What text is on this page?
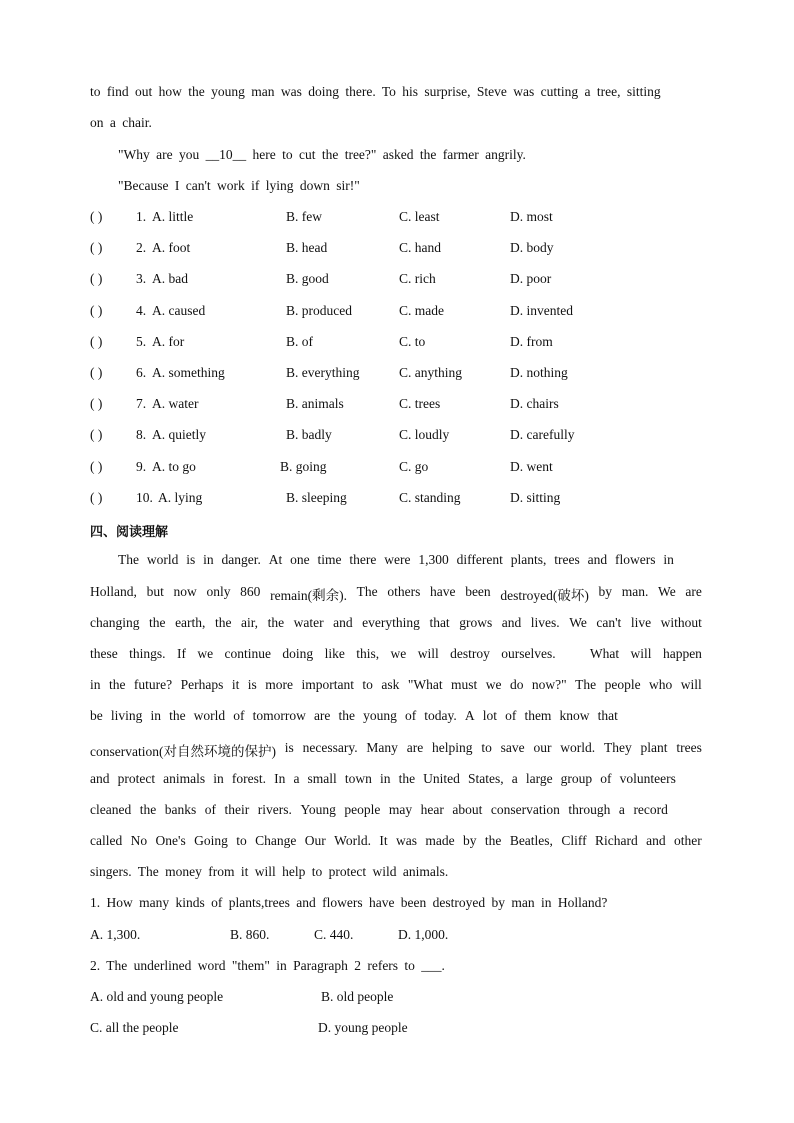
to find out how the young man was doing there. To his surprise, Steve was cutting a tree, sitting
on a chair.
"Why are you __10__ here to cut the tree?" asked the farmer angrily.
"Because I can't work if lying down sir!"
( ) 1. A. little	B. few	C. least	D. most
( ) 2. A. foot	B. head	C. hand	D. body
( ) 3. A. bad	B. good	C. rich	D. poor
( ) 4. A. caused	B. produced	C. made	D. invented
( ) 5. A. for	B. of	C. to	D. from
( ) 6. A. something	B. everything	C. anything	D. nothing
( ) 7. A. water	B. animals	C. trees	D. chairs
( ) 8. A. quietly	B. badly	C. loudly	D. carefully
( ) 9. A. to go	B. going	C. go	D. went
( ) 10. A. lying	B. sleeping	C. standing	D. sitting
四、阅读理解
The world is in danger. At one time there were 1,300 different plants, trees and flowers in
Holland, but now only 860 remain(剩余). The others have been destroyed(破坏) by man. We are
changing the earth, the air, the water and everything that grows and lives. We can't live without
these things. If we continue doing like this, we will destroy ourselves.	What will happen
in the future? Perhaps it is more important to ask "What must we do now?" The people who will
be living in the world of tomorrow are the young of today. A lot of them know that
conservation(对自然环境的保护) is necessary. Many are helping to save our world. They plant trees
and protect animals in forest. In a small town in the United States, a large group of volunteers
cleaned the banks of their rivers. Young people may hear about conservation through a record
called No One's Going to Change Our World. It was made by the Beatles, Cliff Richard and other
singers. The money from it will help to protect wild animals.
1. How many kinds of plants,trees and flowers have been destroyed by man in Holland?
A. 1,300.	B. 860.	C. 440.	D. 1,000.
2. The underlined word "them" in Paragraph 2 refers to ___.
A. old and young people	B. old people
C. all the people	D. young people
